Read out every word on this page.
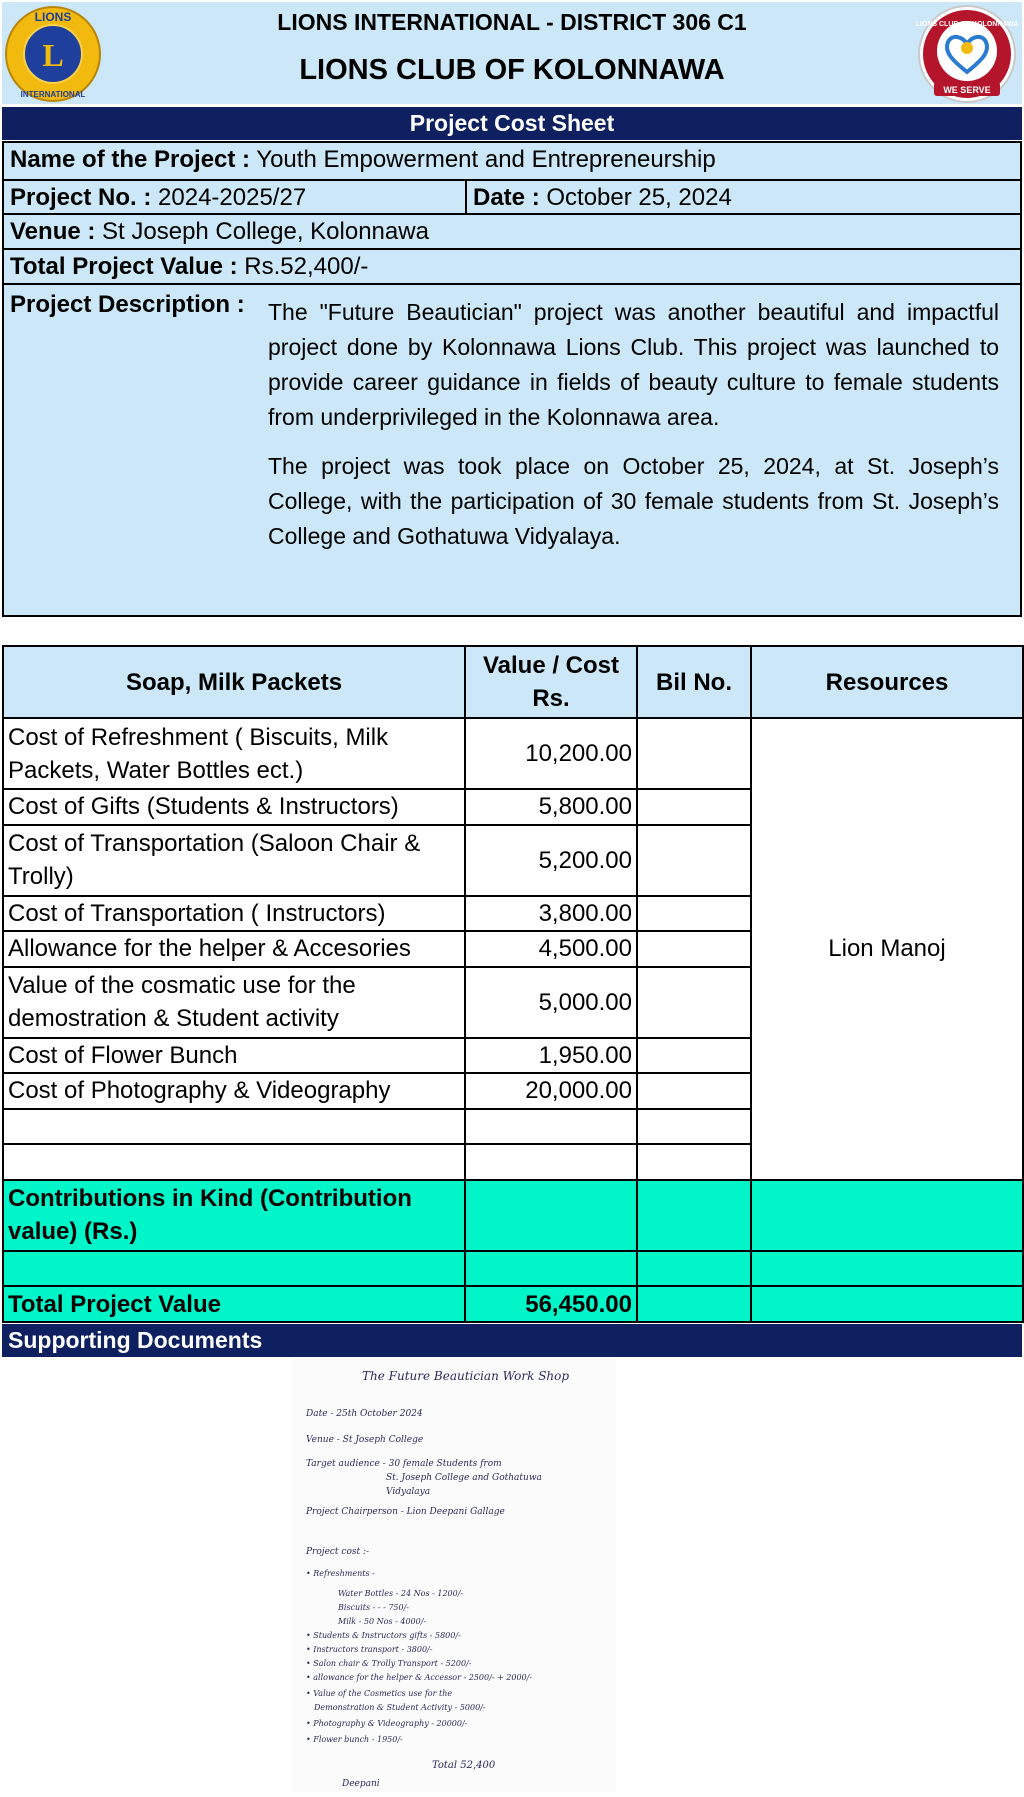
L
LIONS
INTERNATIONAL
LIONS INTERNATIONAL - DISTRICT 306 C1
LIONS CLUB OF KOLONNAWA
LIONS CLUB OF KOLONNAWA
WE SERVE
Project Cost Sheet
Name of the Project : Youth Empowerment and Entrepreneurship
Project No. : 2024-2025/27	Date : October 25, 2024
Venue : St Joseph College, Kolonnawa
Total Project Value : Rs.52,400/-
Project Description : The "Future Beautician" project was another beautiful and impactful project done by Kolonnawa Lions Club. This project was launched to provide career guidance in fields of beauty culture to female students from underprivileged in the Kolonnawa area.

The project was took place on October 25, 2024, at St. Joseph’s College, with the participation of 30 female students from St. Joseph’s College and Gothatuwa Vidyalaya.

Soap, Milk Packets	Value / Cost Rs.	Bil No.	Resources
Cost of Refreshment ( Biscuits, Milk Packets, Water Bottles ect.)	10,200.00		Lion Manoj
Cost of Gifts (Students & Instructors)	5,800.00		
Cost of Transportation (Saloon Chair & Trolly)	5,200.00		
Cost of Transportation ( Instructors)	3,800.00		
Allowance for the helper & Accesories	4,500.00		
Value of the cosmatic use for the demostration & Student activity	5,000.00		
Cost of Flower Bunch	1,950.00		
Cost of Photography & Videography	20,000.00		

Contributions in Kind (Contribution value) (Rs.)			

Total Project Value	56,450.00		
Supporting Documents
The Future Beautician Work Shop
Date - 25th October 2024
Venue - St Joseph College
Target audience - 30 female Students from
St. Joseph College and Gothatuwa
Vidyalaya
Project Chairperson - Lion Deepani Gallage
Project cost :-
• Refreshments -
Water Bottles - 24 Nos - 1200/-
Biscuits - - - 750/-
Milk - 50 Nos - 4000/-
• Students & Instructors gifts - 5800/-
• Instructors transport - 3800/-
• Salon chair & Trolly Transport - 5200/-
• allowance for the helper & Accessor - 2500/- + 2000/-
• Value of the Cosmetics use for the
Demonstration & Student Activity - 5000/-
• Photography & Videography - 20000/-
• Flower bunch - 1950/-
Total 52,400
Deepani
